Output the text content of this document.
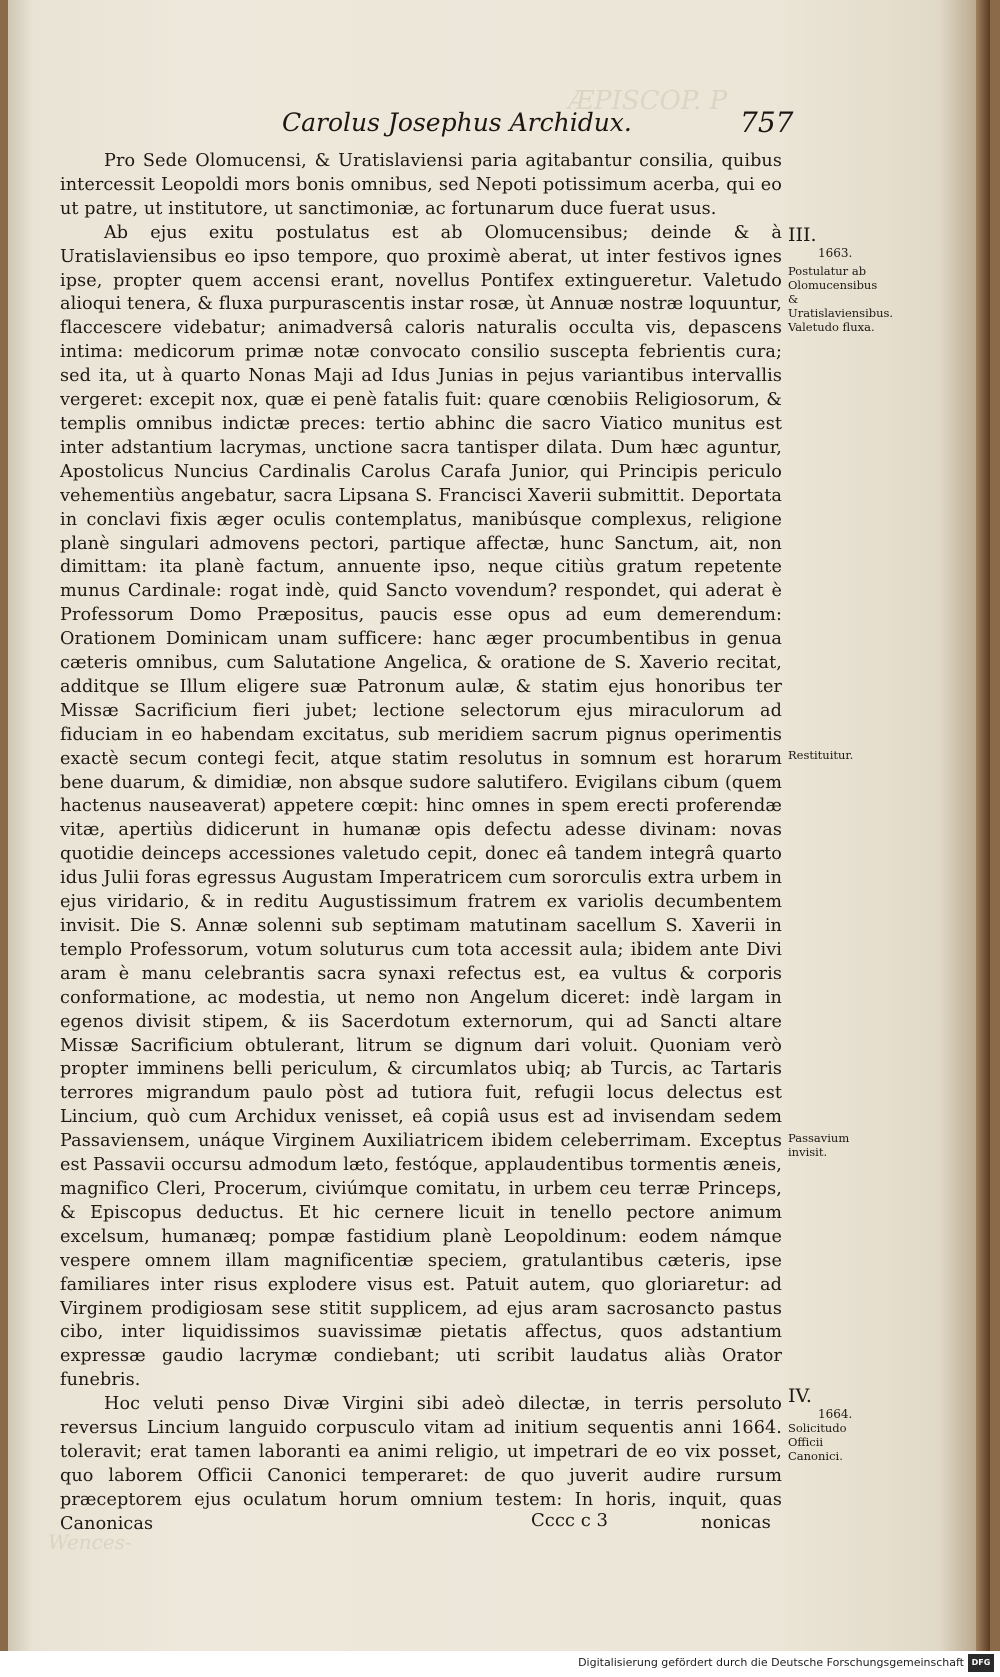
ÆPISCOP. P
Wences-
Carolus Josephus Archidux.	757

Pro Sede Olomucensi, & Uratislaviensi paria agitabantur consilia, quibus intercessit Leopoldi mors bonis omnibus, sed Nepoti potissimum acerba, qui eo ut patre, ut institutore, ut sanctimoniæ, ac fortunarum duce fuerat usus.

Ab ejus exitu postulatus est ab Olomucensibus; deinde & à Uratislaviensibus eo ipso tempore, quo proximè aberat, ut inter festivos ignes ipse, propter quem accensi erant, novellus Pontifex extingueretur. Valetudo alioqui tenera, & fluxa purpurascentis instar rosæ, ùt Annuæ nostræ loquuntur, flaccescere videbatur; animadversâ caloris naturalis occulta vis, depascens intima: medicorum primæ notæ convocato consilio suscepta febrientis cura; sed ita, ut à quarto Nonas Maji ad Idus Junias in pejus variantibus intervallis vergeret: excepit nox, quæ ei penè fatalis fuit: quare cœnobiis Religiosorum, & templis omnibus indictæ preces: tertio abhinc die sacro Viatico munitus est inter adstantium lacrymas, unctione sacra tantisper dilata. Dum hæc aguntur, Apostolicus Nuncius Cardinalis Carolus Carafa Junior, qui Principis periculo vehementiùs angebatur, sacra Lipsana S. Francisci Xaverii submittit. Deportata in conclavi fixis æger oculis contemplatus, manibúsque complexus, religione planè singulari admovens pectori, partique affectæ, hunc Sanctum, ait, non dimittam: ita planè factum, annuente ipso, neque citiùs gratum repetente munus Cardinale: rogat indè, quid Sancto vovendum? respondet, qui aderat è Professorum Domo Præpositus, paucis esse opus ad eum demerendum: Orationem Dominicam unam sufficere: hanc æger procumbentibus in genua cæteris omnibus, cum Salutatione Angelica, & oratione de S. Xaverio recitat, additque se Illum eligere suæ Patronum aulæ, & statim ejus honoribus ter Missæ Sacrificium fieri jubet; lectione selectorum ejus miraculorum ad fiduciam in eo habendam excitatus, sub meridiem sacrum pignus operimentis exactè secum contegi fecit, atque statim resolutus in somnum est horarum bene duarum, & dimidiæ, non absque sudore salutifero. Evigilans cibum (quem hactenus nauseaverat) appetere cœpit: hinc omnes in spem erecti proferendæ vitæ, apertiùs didicerunt in humanæ opis defectu adesse divinam: novas quotidie deinceps accessiones valetudo cepit, donec eâ tandem integrâ quarto idus Julii foras egressus Augustam Imperatricem cum sororculis extra urbem in ejus viridario, & in reditu Augustissimum fratrem ex variolis decumbentem invisit. Die S. Annæ solenni sub septimam matutinam sacellum S. Xaverii in templo Professorum, votum soluturus cum tota accessit aula; ibidem ante Divi aram è manu celebrantis sacra synaxi refectus est, ea vultus & corporis conformatione, ac modestia, ut nemo non Angelum diceret: indè largam in egenos divisit stipem, & iis Sacerdotum externorum, qui ad Sancti altare Missæ Sacrificium obtulerant, litrum se dignum dari voluit. Quoniam verò propter imminens belli periculum, & circumlatos ubiq; ab Turcis, ac Tartaris terrores migrandum paulo pòst ad tutiora fuit, refugii locus delectus est Lincium, quò cum Archidux venisset, eâ copiâ usus est ad invisendam sedem Passaviensem, unáque Virginem Auxiliatricem ibidem celeberrimam. Exceptus est Passavii occursu admodum læto, festóque, applaudentibus tormentis æneis, magnifico Cleri, Procerum, civiúmque comitatu, in urbem ceu terræ Princeps, & Episcopus deductus. Et hic cernere licuit in tenello pectore animum excelsum, humanæq; pompæ fastidium planè Leopoldinum: eodem námque vespere omnem illam magnificentiæ speciem, gratulantibus cæteris, ipse familiares inter risus explodere visus est. Patuit autem, quo gloriaretur: ad Virginem prodigiosam sese stitit supplicem, ad ejus aram sacrosancto pastus cibo, inter liquidissimos suavissimæ pietatis affectus, quos adstantium expressæ gaudio lacrymæ condiebant; uti scribit laudatus aliàs Orator funebris.

Hoc veluti penso Divæ Virgini sibi adeò dilectæ, in terris persoluto reversus Lincium languido corpusculo vitam ad initium sequentis anni 1664. toleravit; erat tamen laboranti ea animi religio, ut impetrari de eo vix posset, quo laborem Officii Canonici temperaret: de quo juverit audire rursum præceptorem ejus oculatum horum omnium testem: In horis, inquit, quas Canonicas

III.
1663.
Postulatur ab Olomucensibus & Uratislaviensibus. Valetudo fluxa.
Restituitur.
Passavium invisit.
IV.
1664.
Solicitudo Officii Canonici.
Cccc c 3	nonicas
Digitalisierung gefördert durch die Deutsche Forschungsgemeinschaft DFG
